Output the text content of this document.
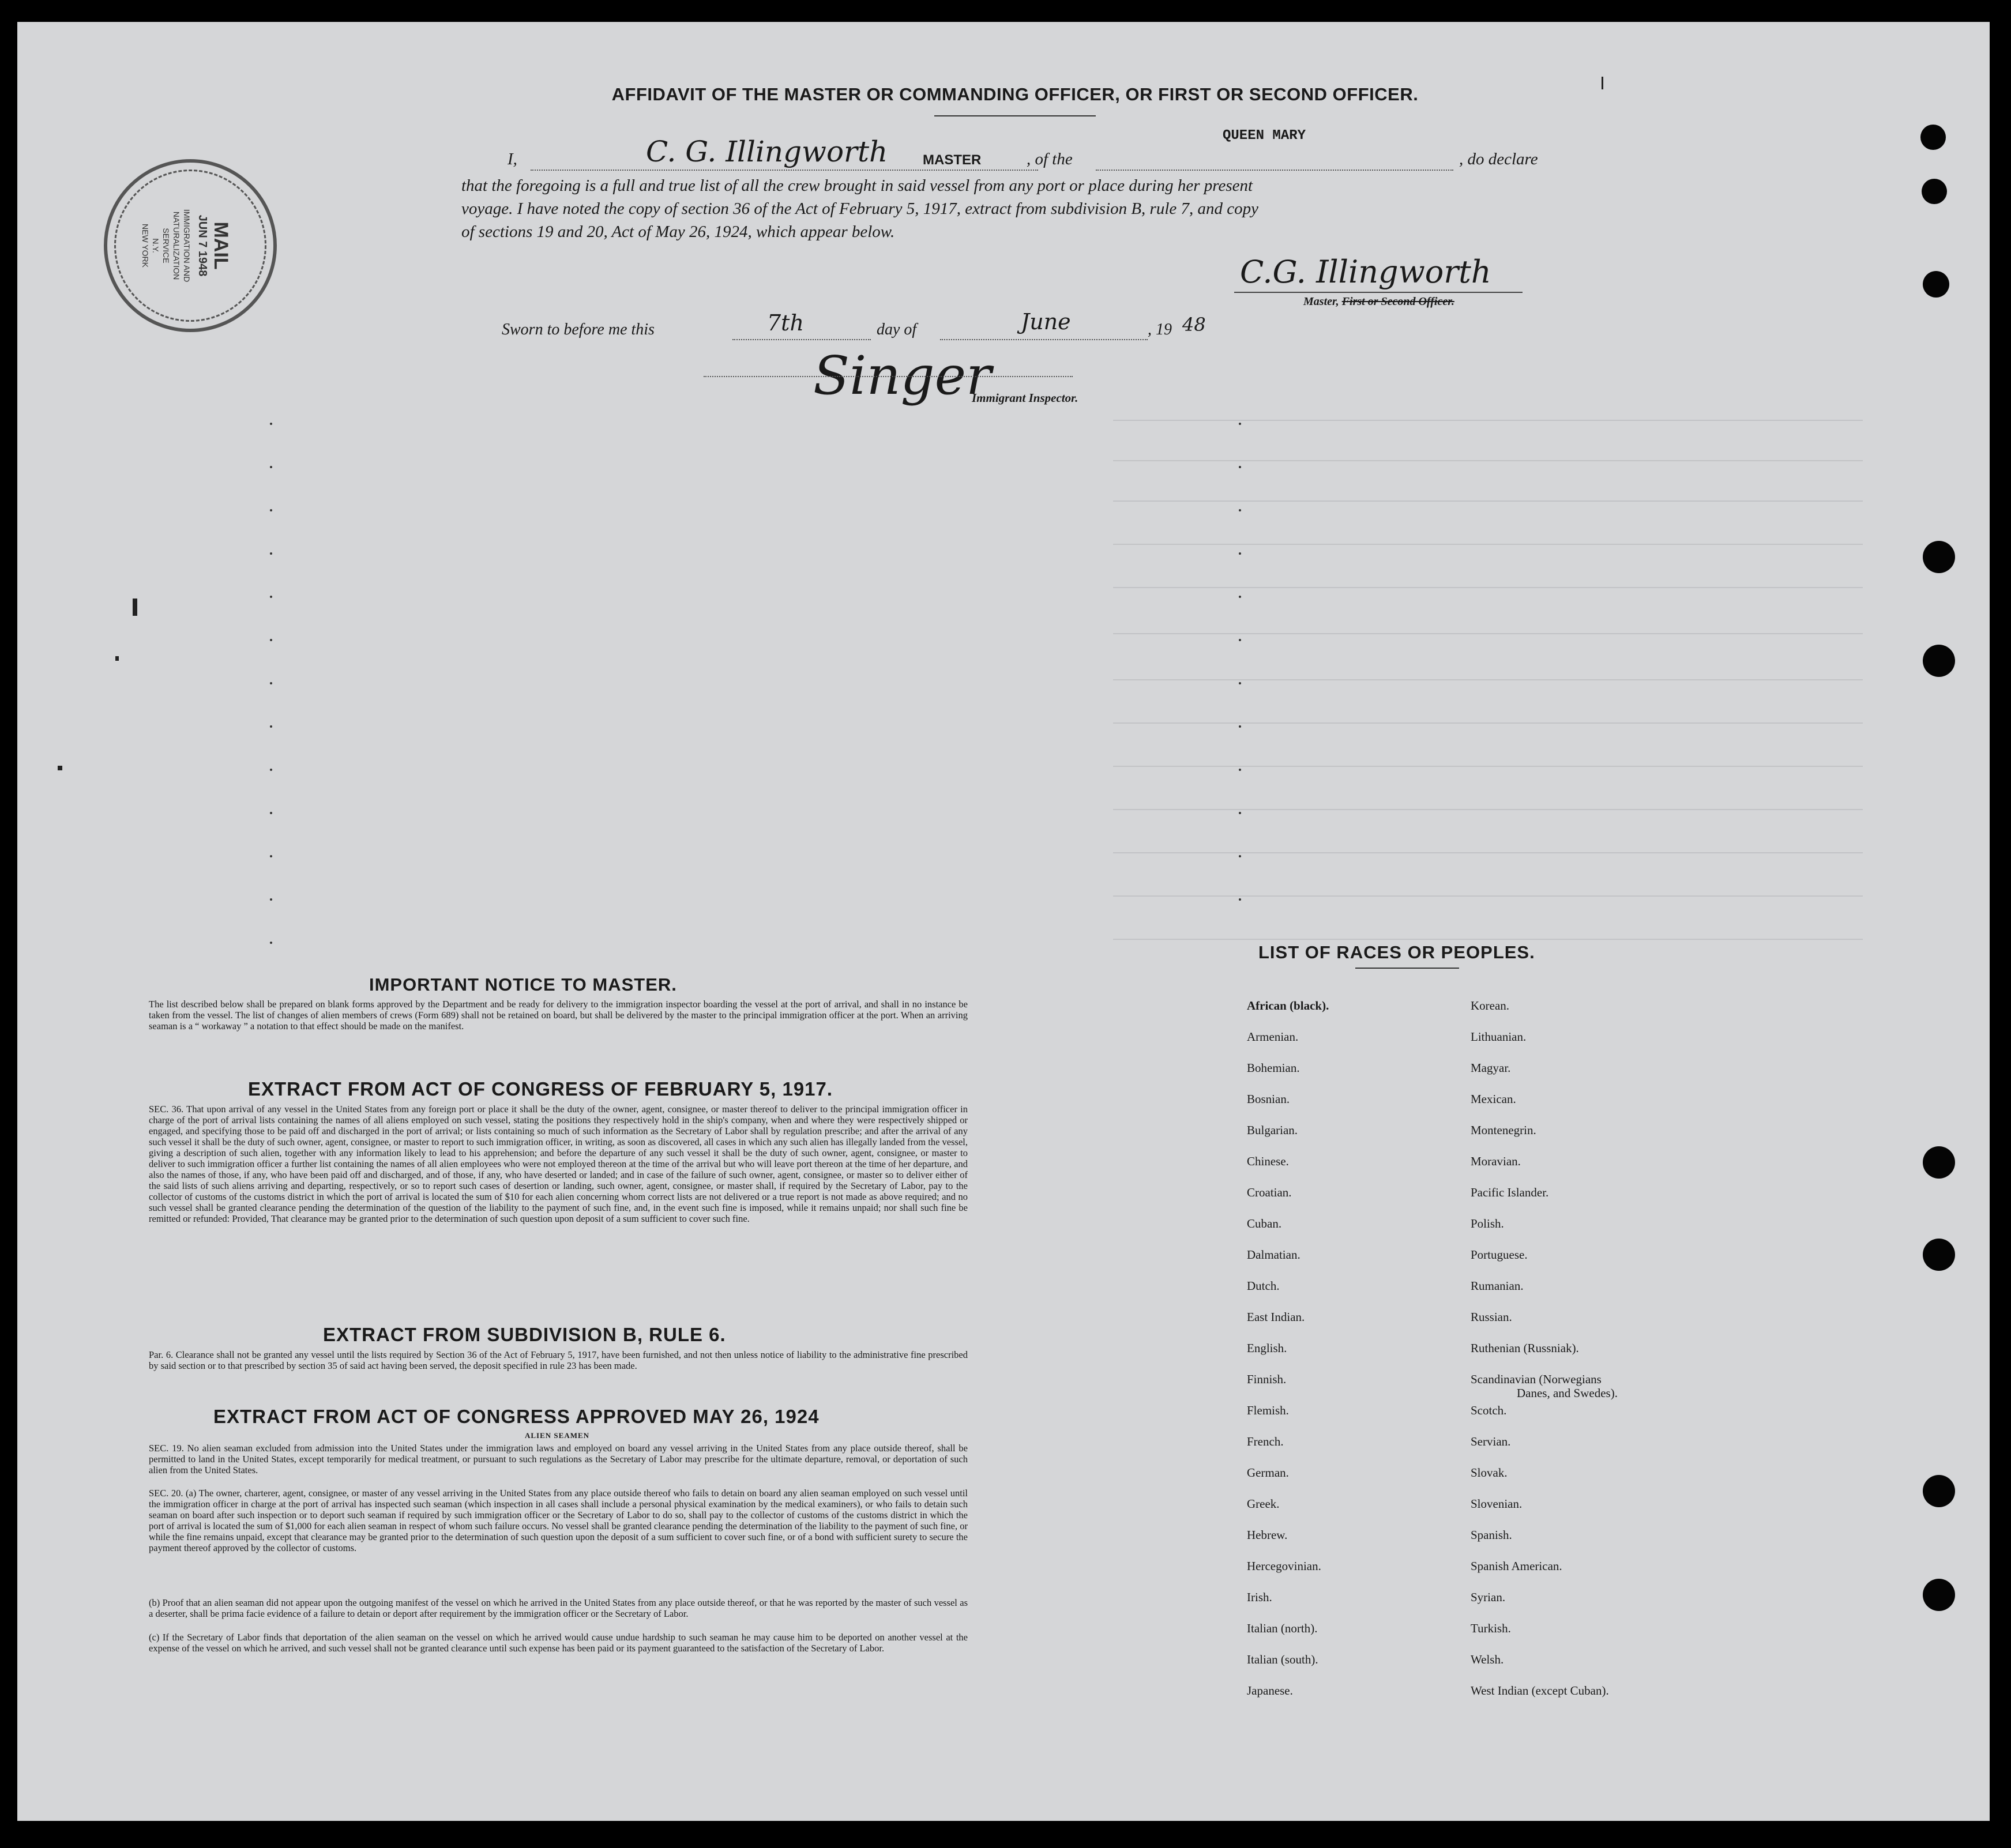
AFFIDAVIT OF THE MASTER OR COMMANDING OFFICER, OR FIRST OR SECOND OFFICER.
I,	C. G. Illingworth	MASTER	, of the
QUEEN MARY
, do declare
that the foregoing is a full and true list of all the crew brought in said vessel from any port or place during her present
voyage. I have noted the copy of section 36 of the Act of February 5, 1917, extract from subdivision B, rule 7, and copy
of sections 19 and 20, Act of May 26, 1924, which appear below.
C.G. Illingworth
Master, First or Second Officer.
Sworn to before me this	7th	day of	June	, 19 48
Singer
Immigrant Inspector.
MAIL
JUN 7 1948
IMMIGRATION AND
NATURALIZATION
SERVICE
N.Y.
NEW YORK
IMPORTANT NOTICE TO MASTER.
The list described below shall be prepared on blank forms approved by the Department and be ready for delivery to the immigration inspector boarding the vessel at the port of arrival, and shall in no instance be taken from the vessel. The list of changes of alien members of crews (Form 689) shall not be retained on board, but shall be delivered by the master to the principal immigration officer at the port. When an arriving seaman is a “ workaway ” a notation to that effect should be made on the manifest.
EXTRACT FROM ACT OF CONGRESS OF FEBRUARY 5, 1917.
SEC. 36. That upon arrival of any vessel in the United States from any foreign port or place it shall be the duty of the owner, agent, consignee, or master thereof to deliver to the principal immigration officer in charge of the port of arrival lists containing the names of all aliens employed on such vessel, stating the positions they respectively hold in the ship's company, when and where they were respectively shipped or engaged, and specifying those to be paid off and discharged in the port of arrival; or lists containing so much of such information as the Secretary of Labor shall by regulation prescribe; and after the arrival of any such vessel it shall be the duty of such owner, agent, consignee, or master to report to such immigration officer, in writing, as soon as discovered, all cases in which any such alien has illegally landed from the vessel, giving a description of such alien, together with any information likely to lead to his apprehension; and before the departure of any such vessel it shall be the duty of such owner, agent, consignee, or master to deliver to such immigration officer a further list containing the names of all alien employees who were not employed thereon at the time of the arrival but who will leave port thereon at the time of her departure, and also the names of those, if any, who have been paid off and discharged, and of those, if any, who have deserted or landed; and in case of the failure of such owner, agent, consignee, or master so to deliver either of the said lists of such aliens arriving and departing, respectively, or so to report such cases of desertion or landing, such owner, agent, consignee, or master shall, if required by the Secretary of Labor, pay to the collector of customs of the customs district in which the port of arrival is located the sum of $10 for each alien concerning whom correct lists are not delivered or a true report is not made as above required; and no such vessel shall be granted clearance pending the determination of the question of the liability to the payment of such fine, and, in the event such fine is imposed, while it remains unpaid; nor shall such fine be remitted or refunded: Provided, That clearance may be granted prior to the determination of such question upon deposit of a sum sufficient to cover such fine.
EXTRACT FROM SUBDIVISION B, RULE 6.
Par. 6. Clearance shall not be granted any vessel until the lists required by Section 36 of the Act of February 5, 1917, have been furnished, and not then unless notice of liability to the administrative fine prescribed by said section or to that prescribed by section 35 of said act having been served, the deposit specified in rule 23 has been made.
EXTRACT FROM ACT OF CONGRESS APPROVED MAY 26, 1924
ALIEN SEAMEN
SEC. 19. No alien seaman excluded from admission into the United States under the immigration laws and employed on board any vessel arriving in the United States from any place outside thereof, shall be permitted to land in the United States, except temporarily for medical treatment, or pursuant to such regulations as the Secretary of Labor may prescribe for the ultimate departure, removal, or deportation of such alien from the United States.
SEC. 20. (a) The owner, charterer, agent, consignee, or master of any vessel arriving in the United States from any place outside thereof who fails to detain on board any alien seaman employed on such vessel until the immigration officer in charge at the port of arrival has inspected such seaman (which inspection in all cases shall include a personal physical examination by the medical examiners), or who fails to detain such seaman on board after such inspection or to deport such seaman if required by such immigration officer or the Secretary of Labor to do so, shall pay to the collector of customs of the customs district in which the port of arrival is located the sum of $1,000 for each alien seaman in respect of whom such failure occurs. No vessel shall be granted clearance pending the determination of the liability to the payment of such fine, or while the fine remains unpaid, except that clearance may be granted prior to the determination of such question upon the deposit of a sum sufficient to cover such fine, or of a bond with sufficient surety to secure the payment thereof approved by the collector of customs.
(b) Proof that an alien seaman did not appear upon the outgoing manifest of the vessel on which he arrived in the United States from any place outside thereof, or that he was reported by the master of such vessel as a deserter, shall be prima facie evidence of a failure to detain or deport after requirement by the immigration officer or the Secretary of Labor.
(c) If the Secretary of Labor finds that deportation of the alien seaman on the vessel on which he arrived would cause undue hardship to such seaman he may cause him to be deported on another vessel at the expense of the vessel on which he arrived, and such vessel shall not be granted clearance until such expense has been paid or its payment guaranteed to the satisfaction of the Secretary of Labor.
LIST OF RACES OR PEOPLES.
African (black).
Armenian.
Bohemian.
Bosnian.
Bulgarian.
Chinese.
Croatian.
Cuban.
Dalmatian.
Dutch.
East Indian.
English.
Finnish.
Flemish.
French.
German.
Greek.
Hebrew.
Hercegovinian.
Irish.
Italian (north).
Italian (south).
Japanese.
Korean.
Lithuanian.
Magyar.
Mexican.
Montenegrin.
Moravian.
Pacific Islander.
Polish.
Portuguese.
Rumanian.
Russian.
Ruthenian (Russniak).
Scandinavian (Norwegians
Danes, and Swedes).
Scotch.
Servian.
Slovak.
Slovenian.
Spanish.
Spanish American.
Syrian.
Turkish.
Welsh.
West Indian (except Cuban).
